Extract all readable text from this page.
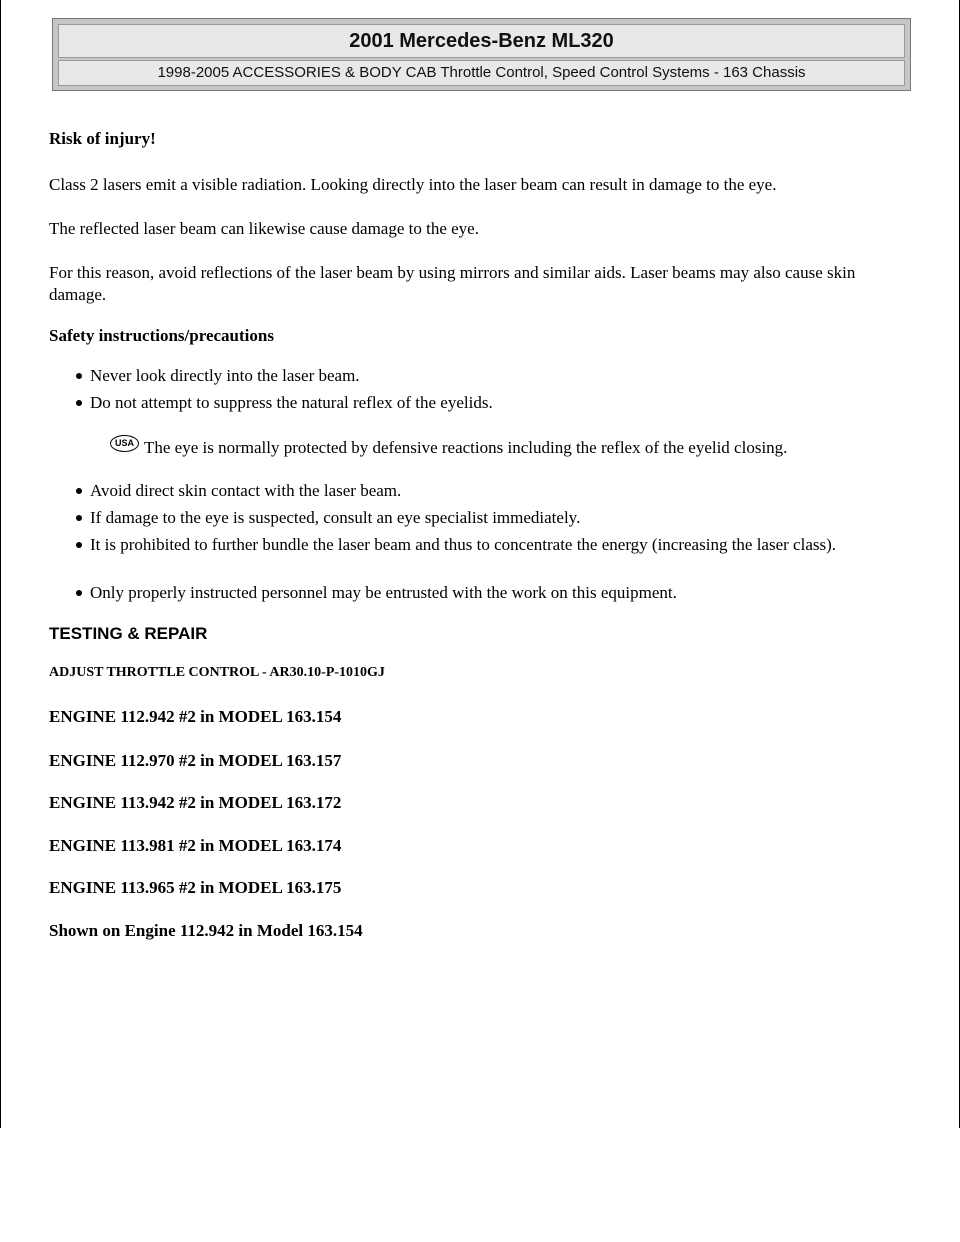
2001 Mercedes-Benz ML320
1998-2005 ACCESSORIES & BODY CAB Throttle Control, Speed Control Systems - 163 Chassis
Risk of injury!
Class 2 lasers emit a visible radiation. Looking directly into the laser beam can result in damage to the eye.
The reflected laser beam can likewise cause damage to the eye.
For this reason, avoid reflections of the laser beam by using mirrors and similar aids. Laser beams may also cause skin damage.
Safety instructions/precautions
Never look directly into the laser beam.
Do not attempt to suppress the natural reflex of the eyelids.
USA The eye is normally protected by defensive reactions including the reflex of the eyelid closing.
Avoid direct skin contact with the laser beam.
If damage to the eye is suspected, consult an eye specialist immediately.
It is prohibited to further bundle the laser beam and thus to concentrate the energy (increasing the laser class).
Only properly instructed personnel may be entrusted with the work on this equipment.
TESTING & REPAIR
ADJUST THROTTLE CONTROL - AR30.10-P-1010GJ
ENGINE 112.942 #2 in MODEL 163.154
ENGINE 112.970 #2 in MODEL 163.157
ENGINE 113.942 #2 in MODEL 163.172
ENGINE 113.981 #2 in MODEL 163.174
ENGINE 113.965 #2 in MODEL 163.175
Shown on Engine 112.942 in Model 163.154
